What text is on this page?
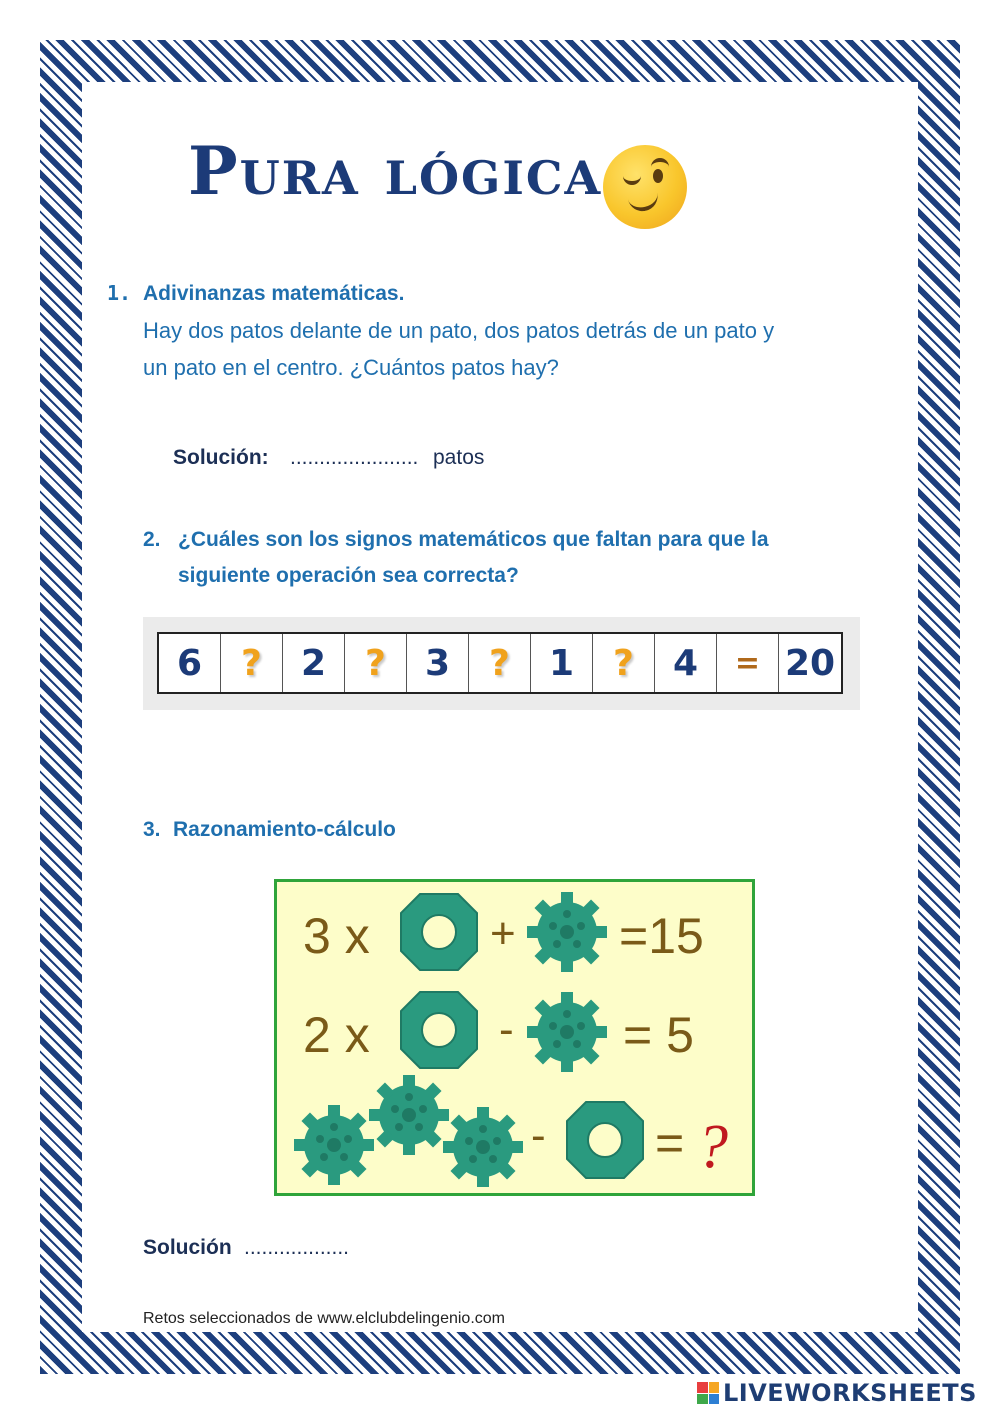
Pura lógica
1. Adivinanzas matemáticas.
Hay dos patos delante de un pato, dos patos detrás de un pato y
un pato en el centro. ¿Cuántos patos hay?
Solución: ...................... patos
2. ¿Cuáles son los signos matemáticos que faltan para que la
siguiente operación sea correcta?
6	?	2	?	3	?	1	?	4	= 20
3. Razonamiento-cálculo
3 x	+ =15
2 x	- = 5
- = ?
Solución ..................
Retos seleccionados de www.elclubdelingenio.com
LIVEWORKSHEETS
